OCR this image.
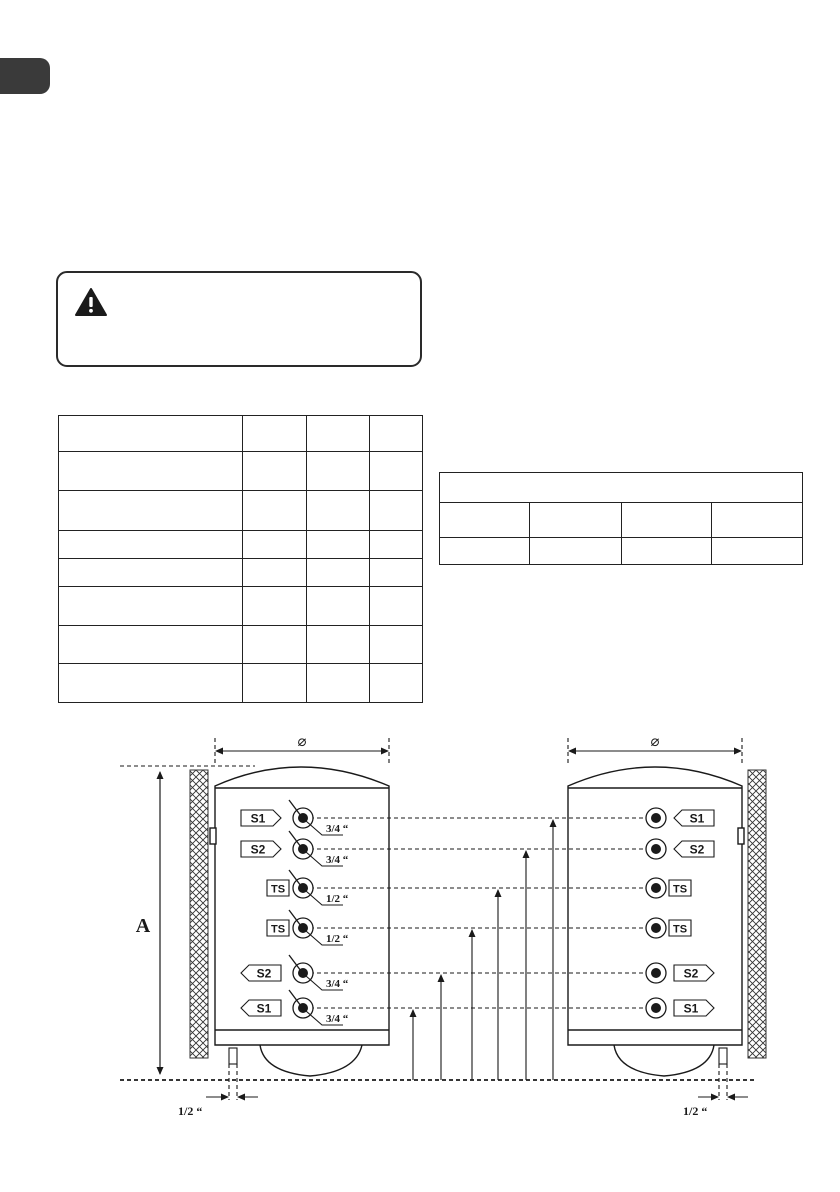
⌀	⌀
A
1/2 “	1/2 “
3/4 “
S1
3/4 “
S2
1/2 “
TS
1/2 “
TS
3/4 “
S2
3/4 “
S1
S1
S2
TS
TS
S2
S1
